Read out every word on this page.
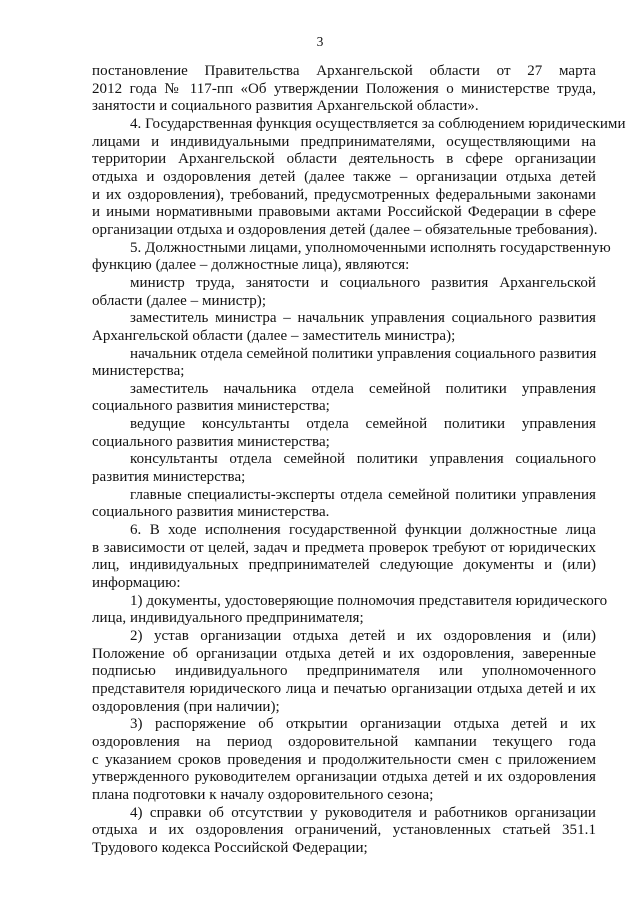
3
постановление Правительства Архангельской области от 27 марта
2012 года № 117-пп «Об утверждении Положения о министерстве труда,
занятости и социального развития Архангельской области».
4. Государственная функция осуществляется за соблюдением юридическими
лицами и индивидуальными предпринимателями, осуществляющими на
территории Архангельской области деятельность в сфере организации
отдыха и оздоровления детей (далее также – организации отдыха детей
и их оздоровления), требований, предусмотренных федеральными законами
и иными нормативными правовыми актами Российской Федерации в сфере
организации отдыха и оздоровления детей (далее – обязательные требования).
5. Должностными лицами, уполномоченными исполнять государственную
функцию (далее – должностные лица), являются:
министр труда, занятости и социального развития Архангельской
области (далее – министр);
заместитель министра – начальник управления социального развития
Архангельской области (далее – заместитель министра);
начальник отдела семейной политики управления социального развития
министерства;
заместитель начальника отдела семейной политики управления
социального развития министерства;
ведущие консультанты отдела семейной политики управления
социального развития министерства;
консультанты отдела семейной политики управления социального
развития министерства;
главные специалисты-эксперты отдела семейной политики управления
социального развития министерства.
6. В ходе исполнения государственной функции должностные лица
в зависимости от целей, задач и предмета проверок требуют от юридических
лиц, индивидуальных предпринимателей следующие документы и (или)
информацию:
1) документы, удостоверяющие полномочия представителя юридического
лица, индивидуального предпринимателя;
2) устав организации отдыха детей и их оздоровления и (или)
Положение об организации отдыха детей и их оздоровления, заверенные
подписью индивидуального предпринимателя или уполномоченного
представителя юридического лица и печатью организации отдыха детей и их
оздоровления (при наличии);
3) распоряжение об открытии организации отдыха детей и их
оздоровления на период оздоровительной кампании текущего года
с указанием сроков проведения и продолжительности смен с приложением
утвержденного руководителем организации отдыха детей и их оздоровления
плана подготовки к началу оздоровительного сезона;
4) справки об отсутствии у руководителя и работников организации
отдыха и их оздоровления ограничений, установленных статьей 351.1
Трудового кодекса Российской Федерации;
